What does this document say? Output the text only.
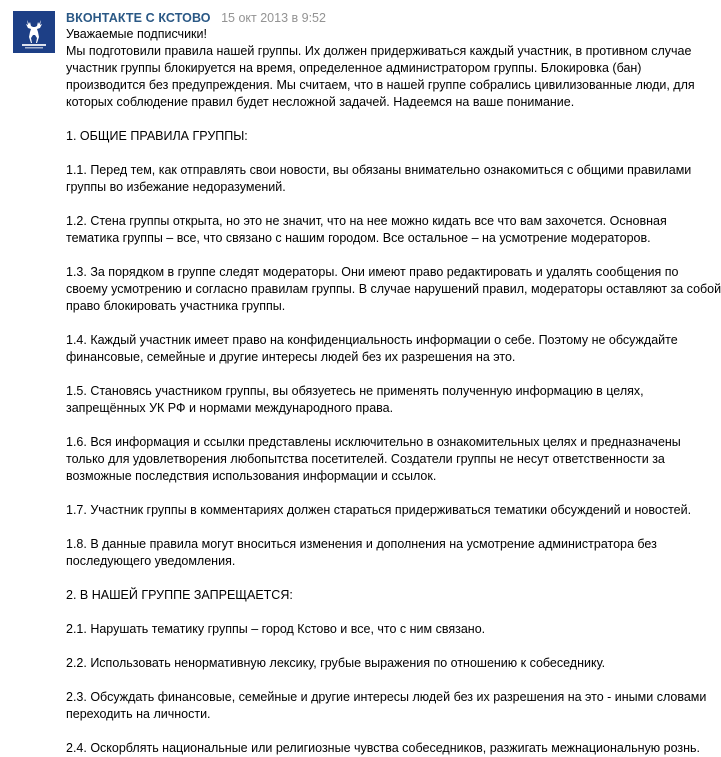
ВКОНТАКТЕ С КСТОВО 15 окт 2013 в 9:52
Уважаемые подписчики!
Мы подготовили правила нашей группы. Их должен придерживаться каждый участник, в противном случае
участник группы блокируется на время, определенное администратором группы. Блокировка (бан)
производится без предупреждения. Мы считаем, что в нашей группе собрались цивилизованные люди, для
которых соблюдение правил будет несложной задачей. Надеемся на ваше понимание.
1. ОБЩИЕ ПРАВИЛА ГРУППЫ:
1.1. Перед тем, как отправлять свои новости, вы обязаны внимательно ознакомиться с общими правилами
группы во избежание недоразумений.
1.2. Стена группы открыта, но это не значит, что на нее можно кидать все что вам захочется. Основная
тематика группы – все, что связано с нашим городом. Все остальное – на усмотрение модераторов.
1.3. За порядком в группе следят модераторы. Они имеют право редактировать и удалять сообщения по
своему усмотрению и согласно правилам группы. В случае нарушений правил, модераторы оставляют за собой
право блокировать участника группы.
1.4. Каждый участник имеет право на конфиденциальность информации о себе. Поэтому не обсуждайте
финансовые, семейные и другие интересы людей без их разрешения на это.
1.5. Становясь участником группы, вы обязуетесь не применять полученную информацию в целях,
запрещённых УК РФ и нормами международного права.
1.6. Вся информация и ссылки представлены исключительно в ознакомительных целях и предназначены
только для удовлетворения любопытства посетителей. Создатели группы не несут ответственности за
возможные последствия использования информации и ссылок.
1.7. Участник группы в комментариях должен стараться придерживаться тематики обсуждений и новостей.
1.8. В данные правила могут вноситься изменения и дополнения на усмотрение администратора без
последующего уведомления.
2. В НАШЕЙ ГРУППЕ ЗАПРЕЩАЕТСЯ:
2.1. Нарушать тематику группы – город Кстово и все, что с ним связано.
2.2. Использовать ненормативную лексику, грубые выражения по отношению к собеседнику.
2.3. Обсуждать финансовые, семейные и другие интересы людей без их разрешения на это - иными словами
переходить на личности.
2.4. Оскорблять национальные или религиозные чувства собеседников, разжигать межнациональную рознь.
